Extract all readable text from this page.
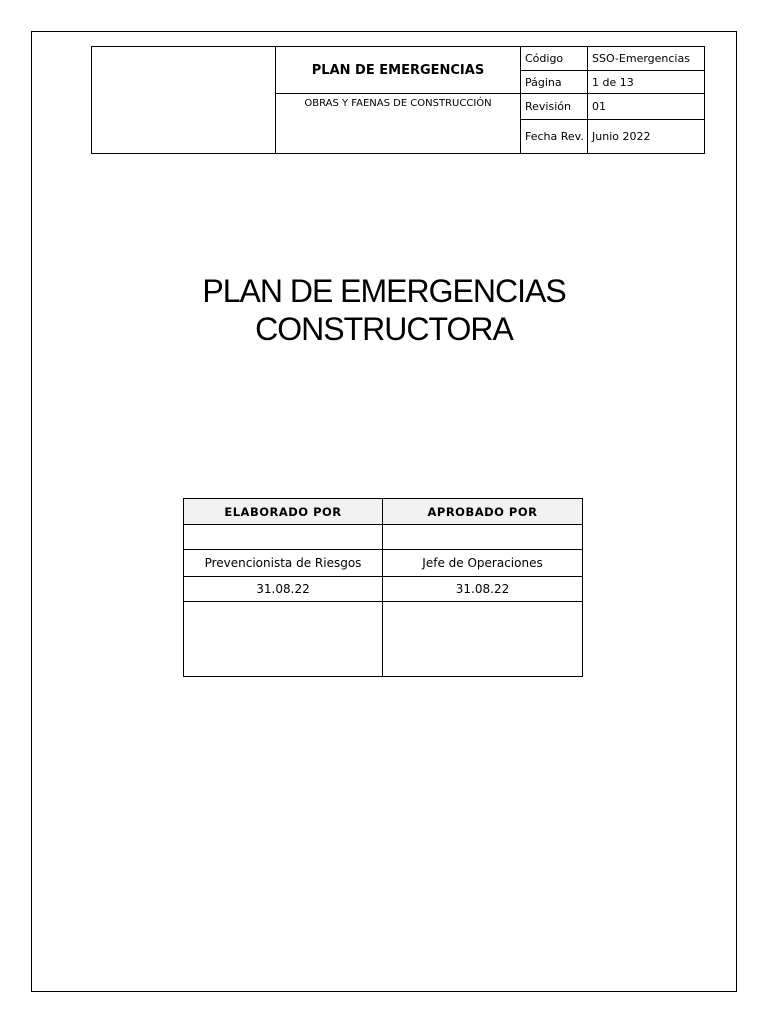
	PLAN DE EMERGENCIAS	Código	SSO-Emergencias
		Página	1 de 13
	OBRAS Y FAENAS DE CONSTRUCCIÓN	Revisión	01
		Fecha Rev.	Junio 2022
PLAN DE EMERGENCIAS
CONSTRUCTORA
ELABORADO POR	APROBADO POR

Prevencionista de Riesgos	Jefe de Operaciones
31.08.22	31.08.22
